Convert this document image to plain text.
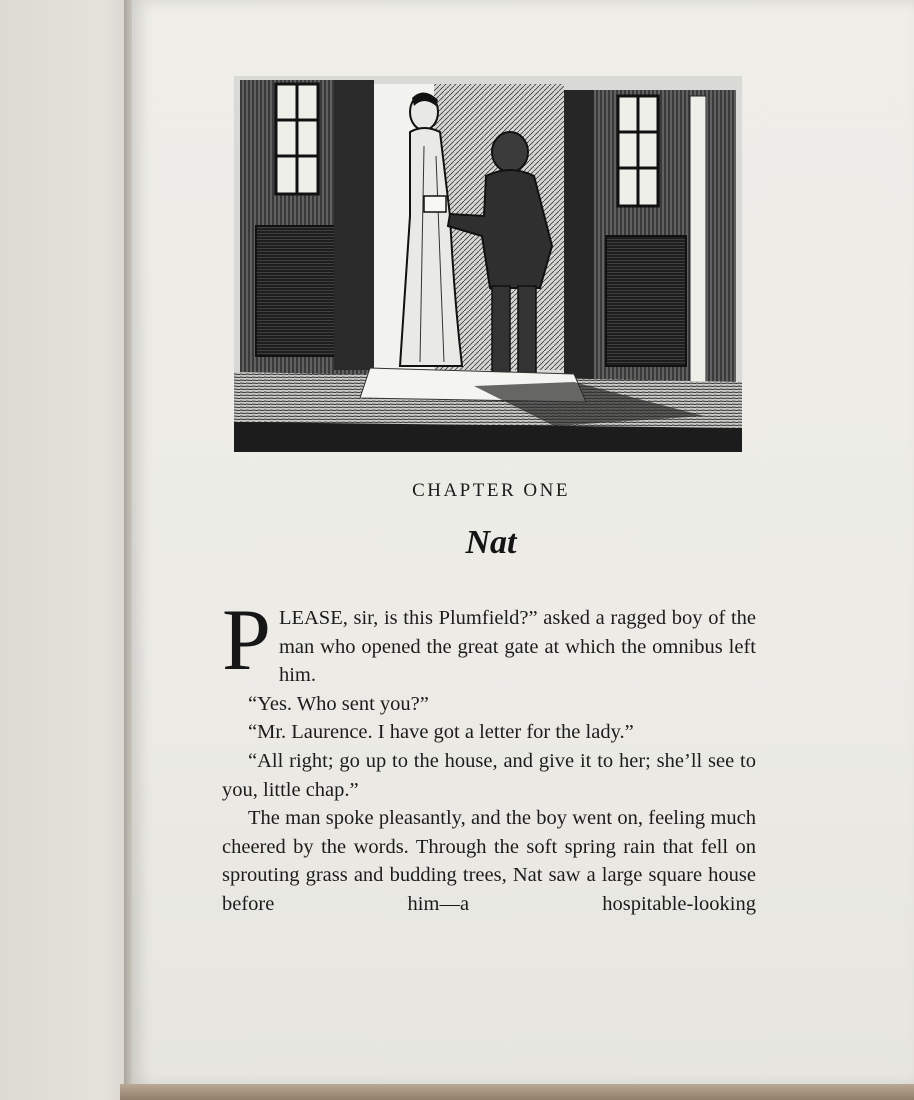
CHAPTER ONE
Nat

PLEASE, sir, is this Plumfield?” asked a ragged boy of the man who opened the great gate at which the omnibus left him.

“Yes. Who sent you?”

“Mr. Laurence. I have got a letter for the lady.”

“All right; go up to the house, and give it to her; she’ll see to you, little chap.”

The man spoke pleasantly, and the boy went on, feeling much cheered by the words. Through the soft spring rain that fell on sprouting grass and budding trees, Nat saw a large square house before him—a hospitable-looking
